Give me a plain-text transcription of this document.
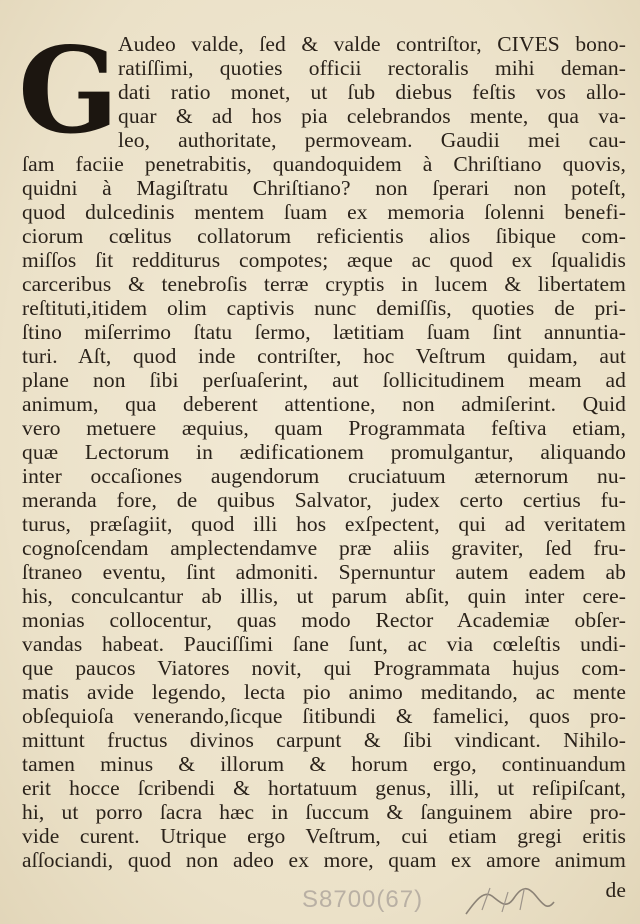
G Audeo valde, ſed & valde contriſtor, CIVES bono-
ratiſſimi, quoties officii rectoralis mihi deman-
dati ratio monet, ut ſub diebus feſtis vos allo-
quar & ad hos pia celebrandos mente, qua va-
leo, authoritate, permoveam. Gaudii mei cau-
ſam faciie penetrabitis, quandoquidem à Chriſtiano quovis,
quidni à Magiſtratu Chriſtiano? non ſperari non poteſt,
quod dulcedinis mentem ſuam ex memoria ſolenni benefi-
ciorum cœlitus collatorum reficientis alios ſibique com-
miſſos ſit redditurus compotes; æque ac quod ex ſqualidis
carceribus & tenebroſis terræ cryptis in lucem & libertatem
reſtituti,itidem olim captivis nunc demiſſis, quoties de pri-
ſtino miſerrimo ſtatu ſermo, lætitiam ſuam ſint annuntia-
turi. Aſt, quod inde contriſter, hoc Veſtrum quidam, aut
plane non ſibi perſuaſerint, aut ſollicitudinem meam ad
animum, qua deberent attentione, non admiſerint. Quid
vero metuere æquius, quam Programmata feſtiva etiam,
quæ Lectorum in ædificationem promulgantur, aliquando
inter occaſiones augendorum cruciatuum æternorum nu-
meranda fore, de quibus Salvator, judex certo certius fu-
turus, præſagiit, quod illi hos exſpectent, qui ad veritatem
cognoſcendam amplectendamve præ aliis graviter, ſed fru-
ſtraneo eventu, ſint admoniti. Spernuntur autem eadem ab
his, conculcantur ab illis, ut parum abſit, quin inter cere-
monias collocentur, quas modo Rector Academiæ obſer-
vandas habeat. Pauciſſimi ſane ſunt, ac via cœleſtis undi-
que paucos Viatores novit, qui Programmata hujus com-
matis avide legendo, lecta pio animo meditando, ac mente
obſequioſa venerando,ſicque ſitibundi & famelici, quos pro-
mittunt fructus divinos carpunt & ſibi vindicant. Nihilo-
tamen minus & illorum & horum ergo, continuandum
erit hocce ſcribendi & hortatuum genus, illi, ut reſipiſcant,
hi, ut porro ſacra hæc in ſuccum & ſanguinem abire pro-
vide curent. Utrique ergo Veſtrum, cui etiam gregi eritis
aſſociandi, quod non adeo ex more, quam ex amore animum
de
S8700(67)
